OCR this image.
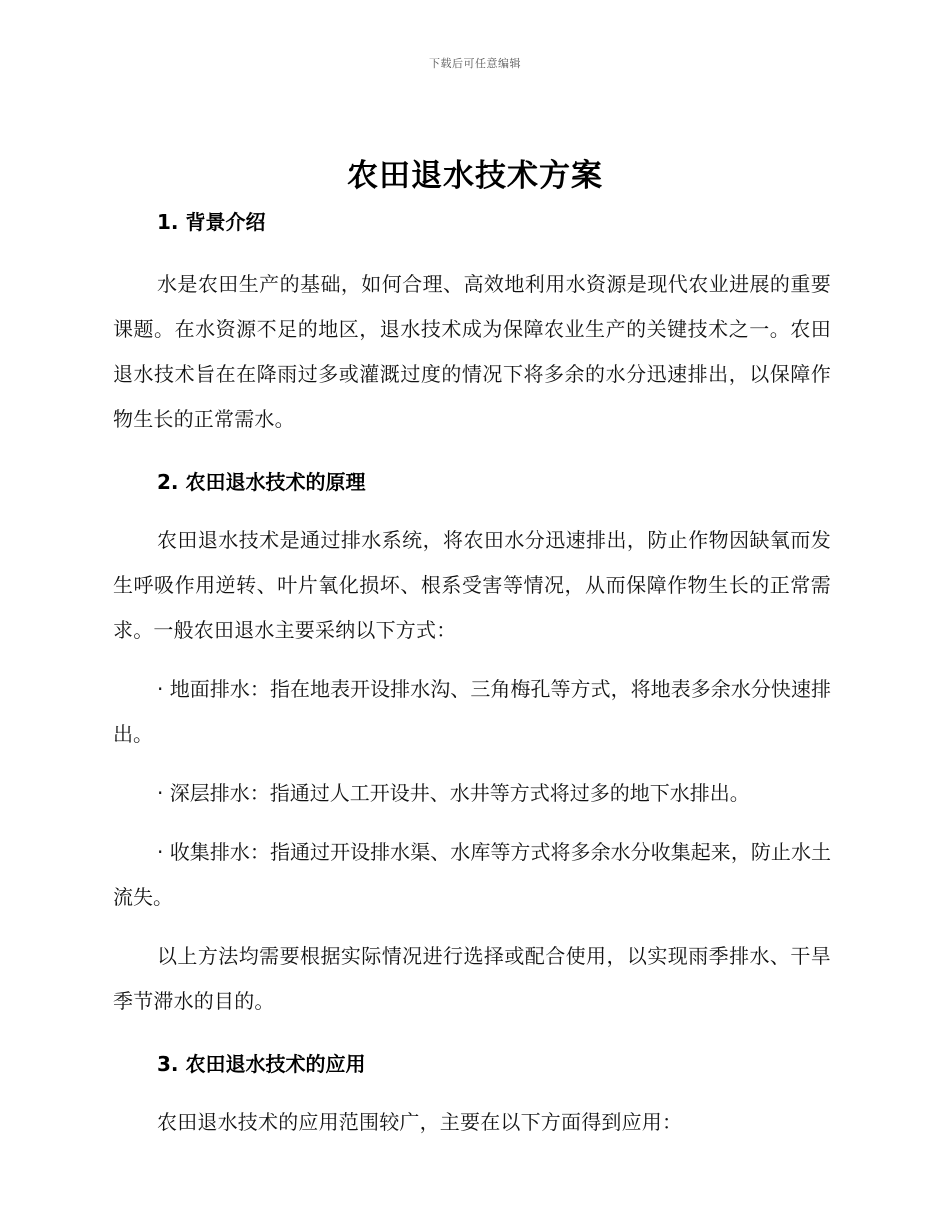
下载后可任意编辑
农田退水技术方案
1. 背景介绍

水是农田生产的基础，如何合理、高效地利用水资源是现代农业进展的重要课题。在水资源不足的地区，退水技术成为保障农业生产的关键技术之一。农田退水技术旨在在降雨过多或灌溉过度的情况下将多余的水分迅速排出，以保障作物生长的正常需水。

2. 农田退水技术的原理

农田退水技术是通过排水系统，将农田水分迅速排出，防止作物因缺氧而发生呼吸作用逆转、叶片氧化损坏、根系受害等情况，从而保障作物生长的正常需求。一般农田退水主要采纳以下方式：

· 地面排水：指在地表开设排水沟、三角梅孔等方式，将地表多余水分快速排出。

· 深层排水：指通过人工开设井、水井等方式将过多的地下水排出。

· 收集排水：指通过开设排水渠、水库等方式将多余水分收集起来，防止水土流失。

以上方法均需要根据实际情况进行选择或配合使用，以实现雨季排水、干旱季节滞水的目的。

3. 农田退水技术的应用

农田退水技术的应用范围较广，主要在以下方面得到应用：
